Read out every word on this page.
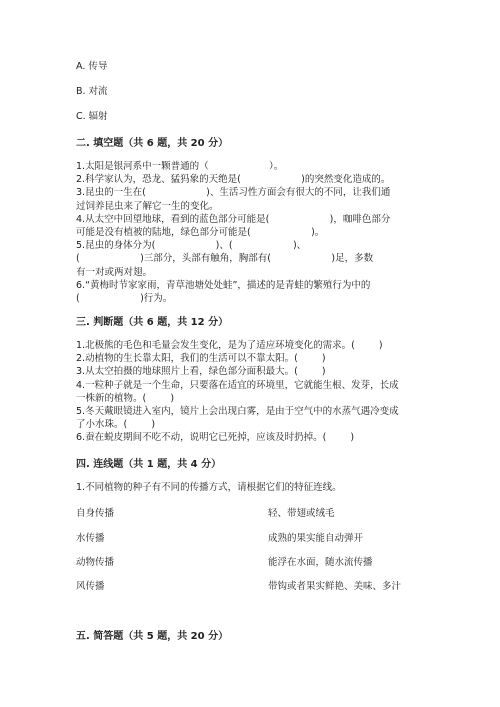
A. 传导
B. 对流
C. 辐射
二. 填空题（共 6 题，共 20 分）
1.太阳是银河系中一颗普通的（                    ）。
2.科学家认为，恐龙、猛犸象的天绝是(                    )的突然变化造成的。
3.昆虫的一生在(                    )、生活习性方面会有很大的不同，让我们通
过饲养昆虫来了解它一生的变化。
4.从太空中回望地球，看到的蓝色部分可能是(                    )，咖啡色部分
可能是没有植被的陆地，绿色部分可能是(                    )。
5.昆虫的身体分为(                    )、(                    )、
(                    )三部分，头部有触角，胸部有(                    )足，多数
有一对或两对翅。
6.“黄梅时节家家雨，青草池塘处处蛙”，描述的是青蛙的繁殖行为中的
(                    )行为。
三. 判断题（共 6 题，共 12 分）
1.北极熊的毛色和毛量会发生变化，是为了适应环境变化的需求。(        )
2.动植物的生长靠太阳，我们的生活可以不靠太阳。(        )
3.从太空拍摄的地球照片上看，绿色部分面积最大。(        )
4.一粒种子就是一个生命，只要落在适宜的环境里，它就能生根、发芽，长成
一株新的植物。(        )
5.冬天戴眼镜进入室内，镜片上会出现白雾，是由于空气中的水蒸气遇冷变成
了小水珠。(        )
6.蚕在蜕皮期间不吃不动，说明它已死掉，应该及时扔掉。(        )
四. 连线题（共 1 题，共 4 分）
1.不同植物的种子有不同的传播方式，请根据它们的特征连线。
自身传播	轻、带翅或绒毛
水传播	成熟的果实能自动弹开
动物传播	能浮在水面，随水流传播
风传播	带钩或者果实鲜艳、美味、多汁
五. 简答题（共 5 题，共 20 分）
